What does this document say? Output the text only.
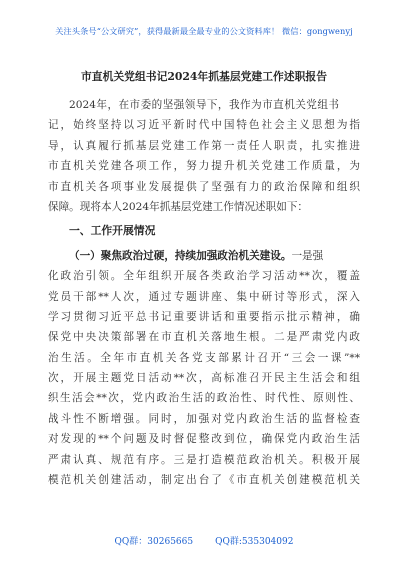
关注头条号“公文研究”，获得最新最全最专业的公文资料库！ 微信：gongwenyj
市直机关党组书记2024年抓基层党建工作述职报告
2024年，在市委的坚强领导下，我作为市直机关党组书
记，始终坚持以习近平新时代中国特色社会主义思想为指
导，认真履行抓基层党建工作第一责任人职责，扎实推进
市直机关党建各项工作，努力提升机关党建工作质量，为
市直机关各项事业发展提供了坚强有力的政治保障和组织
保障。现将本人2024年抓基层党建工作情况述职如下：
一、工作开展情况
（一）聚焦政治过硬，持续加强政治机关建设。一是强
化政治引领。全年组织开展各类政治学习活动**次，覆盖
党员干部**人次，通过专题讲座、集中研讨等形式，深入
学习贯彻习近平总书记重要讲话和重要指示批示精神，确
保党中央决策部署在市直机关落地生根。二是严肃党内政
治生活。全年市直机关各党支部累计召开“三会一课”**
次，开展主题党日活动**次，高标准召开民主生活会和组
织生活会**次，党内政治生活的政治性、时代性、原则性、
战斗性不断增强。同时，加强对党内政治生活的监督检查
对发现的**个问题及时督促整改到位，确保党内政治生活
严肃认真、规范有序。三是打造模范政治机关。积极开展
模范机关创建活动，制定出台了《市直机关创建模范机关
QQ群：30265665 QQ群:535304092
